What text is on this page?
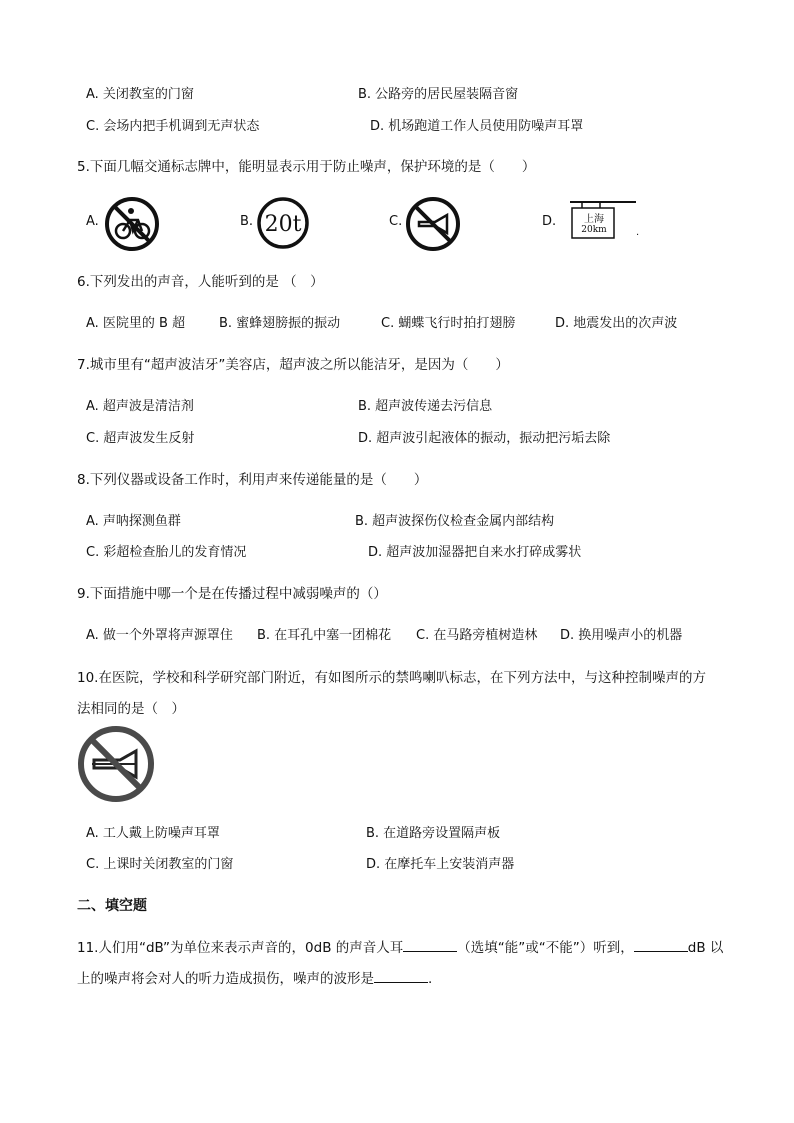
A. 关闭教室的门窗	B. 公路旁的居民屋装隔音窗
C. 会场内把手机调到无声状态	D. 机场跑道工作人员使用防噪声耳罩
5.下面几幅交通标志牌中，能明显表示用于防止噪声，保护环境的是（　　）
A.	B. 20t	C.	D.	上海
20km	.
6.下列发出的声音，人能听到的是 （　）
A. 医院里的 B 超	B. 蜜蜂翅膀振的振动	C. 蝴蝶飞行时拍打翅膀	D. 地震发出的次声波
7.城市里有“超声波洁牙”美容店，超声波之所以能洁牙，是因为（　　）
A. 超声波是清洁剂	B. 超声波传递去污信息
C. 超声波发生反射	D. 超声波引起液体的振动，振动把污垢去除
8.下列仪器或设备工作时，利用声来传递能量的是（　　）
A. 声呐探测鱼群	B. 超声波探伤仪检查金属内部结构
C. 彩超检查胎儿的发育情况	D. 超声波加湿器把自来水打碎成雾状
9.下面措施中哪一个是在传播过程中减弱噪声的（）
A. 做一个外罩将声源罩住 B. 在耳孔中塞一团棉花 C. 在马路旁植树造林 D. 换用噪声小的机器
10.在医院，学校和科学研究部门附近，有如图所示的禁鸣喇叭标志，在下列方法中，与这种控制噪声的方
法相同的是（　）
A. 工人戴上防噪声耳罩	B. 在道路旁设置隔声板
C. 上课时关闭教室的门窗	D. 在摩托车上安装消声器
二、填空题
11.人们用“dB”为单位来表示声音的，0dB 的声音人耳	（选填“能”或“不能”）听到，	dB 以
上的噪声将会对人的听力造成损伤，噪声的波形是	.
